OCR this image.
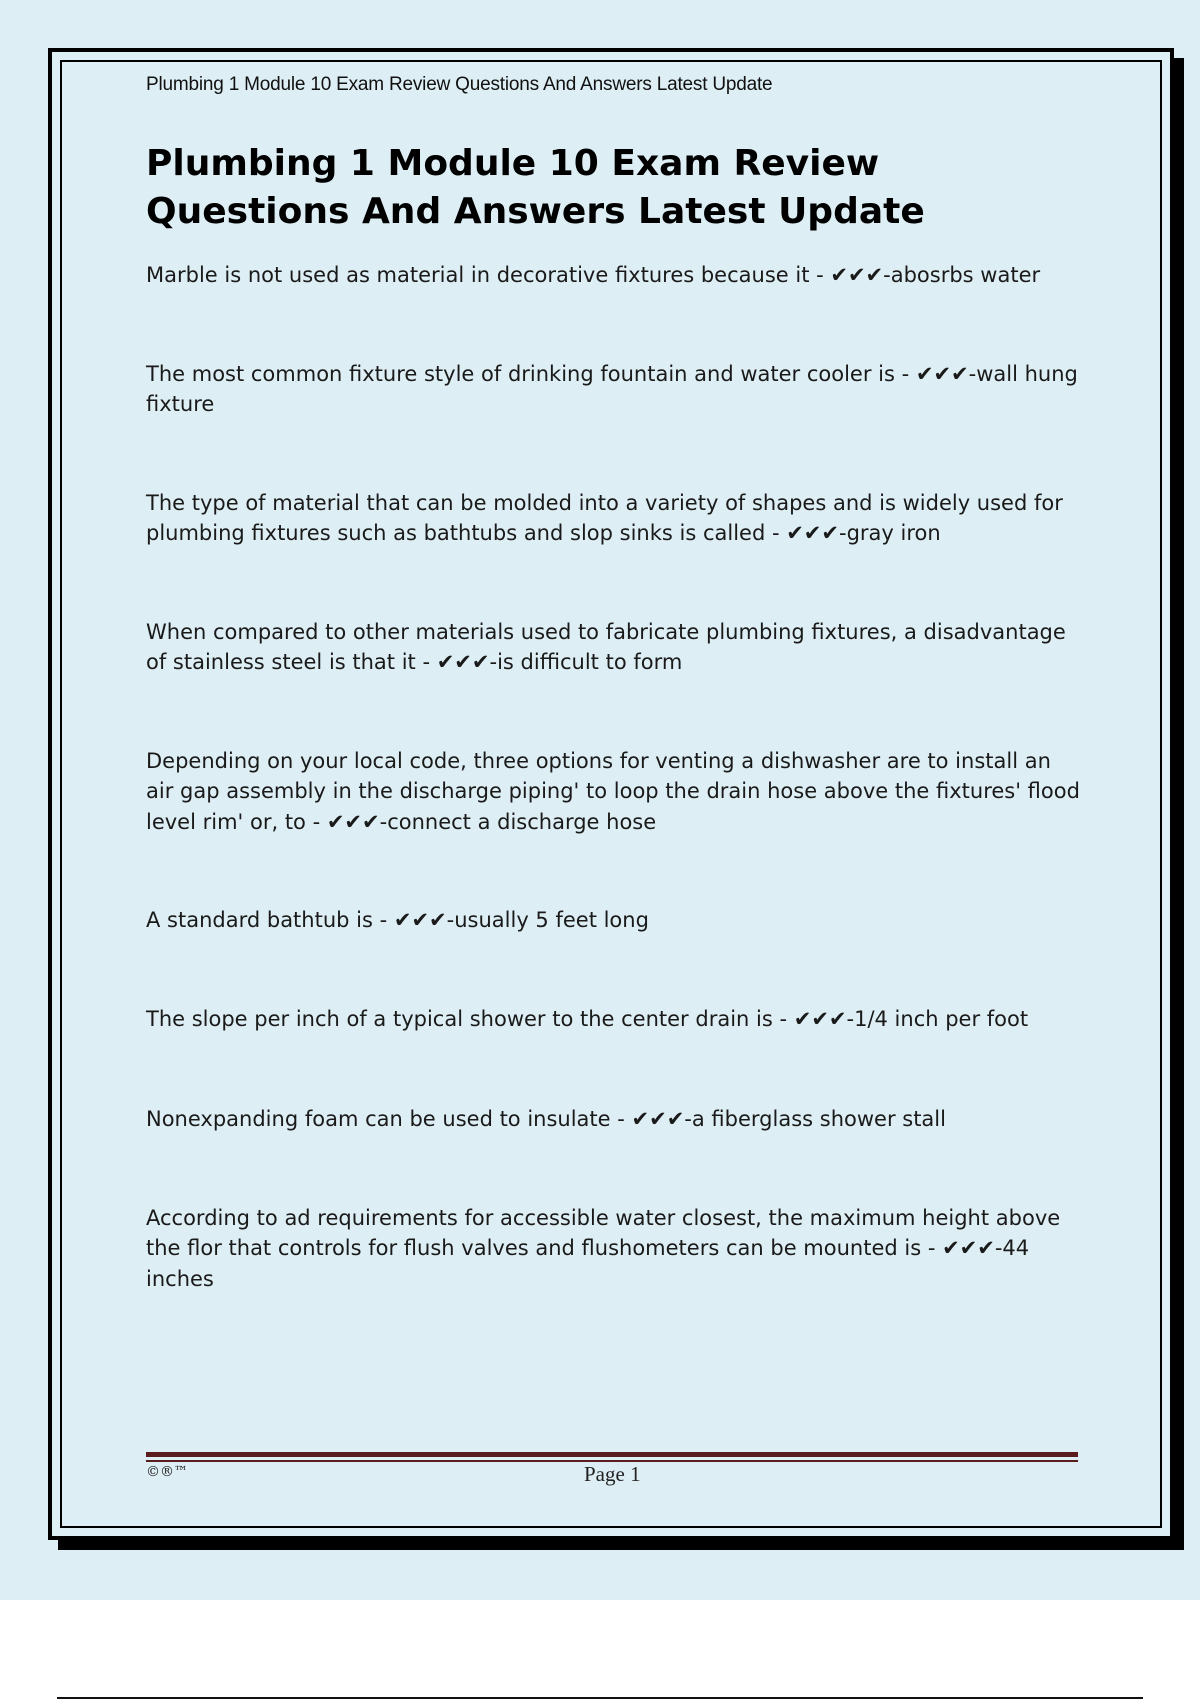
Plumbing 1 Module 10 Exam Review Questions And Answers Latest Update
Plumbing 1 Module 10 Exam Review
Questions And Answers Latest Update
Marble is not used as material in decorative fixtures because it - ✔✔✔-abosrbs water
The most common fixture style of drinking fountain and water cooler is - ✔✔✔-wall hung fixture
The type of material that can be molded into a variety of shapes and is widely used for plumbing fixtures such as bathtubs and slop sinks is called - ✔✔✔-gray iron
When compared to other materials used to fabricate plumbing fixtures, a disadvantage of stainless steel is that it - ✔✔✔-is difficult to form
Depending on your local code, three options for venting a dishwasher are to install an air gap assembly in the discharge piping' to loop the drain hose above the fixtures' flood level rim' or, to - ✔✔✔-connect a discharge hose
A standard bathtub is - ✔✔✔-usually 5 feet long
The slope per inch of a typical shower to the center drain is - ✔✔✔-1/4 inch per foot
Nonexpanding foam can be used to insulate - ✔✔✔-a fiberglass shower stall
According to ad requirements for accessible water closest, the maximum height above the flor that controls for flush valves and flushometers can be mounted is - ✔✔✔-44 inches
©®™	Page 1
